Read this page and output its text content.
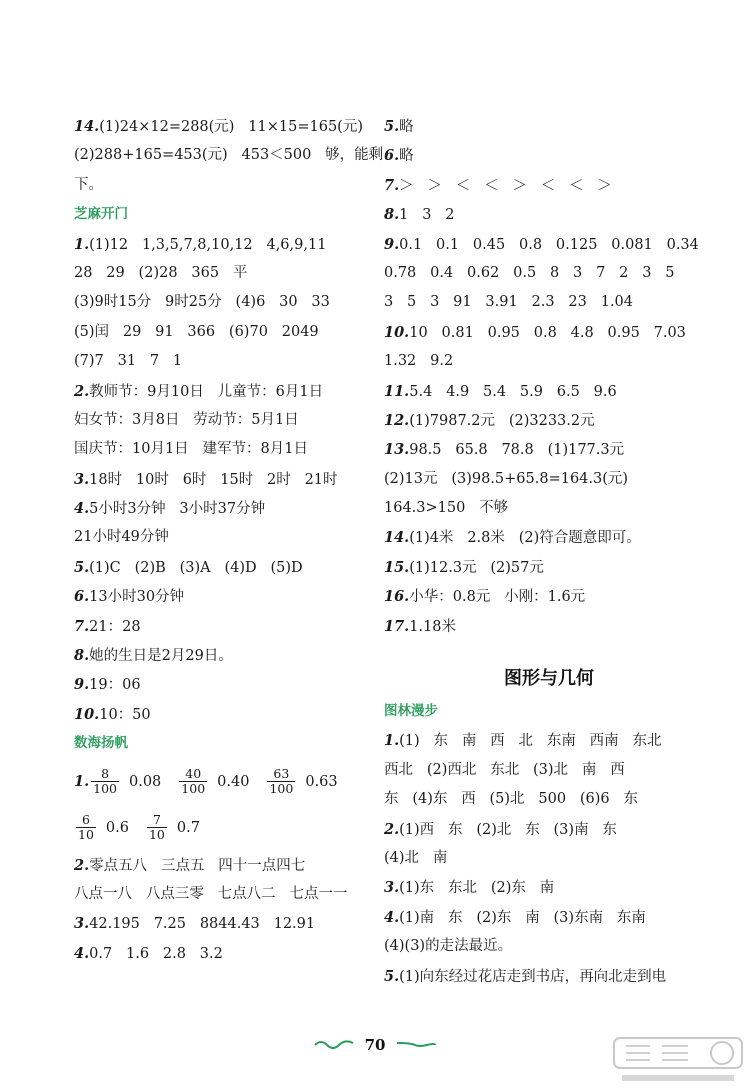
14.(1)24×12=288(元)   11×15=165(元)
(2)288+165=453(元)   453＜500   够，能剩
下。
芝麻开门
1.(1)12   1,3,5,7,8,10,12   4,6,9,11
28   29   (2)28   365   平
(3)9时15分   9时25分   (4)6   30   33
(5)闰   29   91   366   (6)70   2049
(7)7   31   7   1
2.教师节：9月10日   儿童节：6月1日
妇女节：3月8日   劳动节：5月1日
国庆节：10月1日   建军节：8月1日
3.18时   10时   6时   15时   2时   21时
4.5小时3分钟   3小时37分钟
21小时49分钟
5.(1)C   (2)B   (3)A   (4)D   (5)D
6.13小时30分钟
7.21：28
8.她的生日是2月29日。
9.19：06
10.10：50
数海扬帆
1. $\frac{8}{100} 0.08 \frac{40}{100} 0.40 \frac{63}{100} 0.63$
$\frac{6}{10} 0.6 \frac{7}{10} 0.7$
2.零点五八   三点五   四十一点四七
八点一八   八点三零   七点八二   七点一一
3.42.195   7.25   8844.43   12.91
4.0.7   1.6   2.8   3.2
5.略
6.略
7.＞   ＞   ＜   ＜   ＞   ＜   ＜   ＞
8.1   3   2
9.0.1   0.1   0.45   0.8   0.125   0.081   0.34
0.78   0.4   0.62   0.5   8   3   7   2   3   5
3   5   3   91   3.91   2.3   23   1.04
10.10   0.81   0.95   0.8   4.8   0.95   7.03
1.32   9.2
11.5.4   4.9   5.4   5.9   6.5   9.6
12.(1)7987.2元   (2)3233.2元
13.98.5   65.8   78.8   (1)177.3元
(2)13元   (3)98.5+65.8=164.3(元)
164.3>150   不够
14.(1)4米   2.8米   (2)符合题意即可。
15.(1)12.3元   (2)57元
16.小华：0.8元   小刚：1.6元
17.1.18米
图形与几何
图林漫步
1.(1)   东   南   西   北   东南   西南   东北
西北   (2)西北   东北   (3)北   南   西
东   (4)东   西   (5)北   500   (6)6   东
2.(1)西   东   (2)北   东   (3)南   东
(4)北   南
3.(1)东   东北   (2)东   南
4.(1)南   东   (2)东   南   (3)东南   东南
(4)(3)的走法最近。
5.(1)向东经过花店走到书店，再向北走到电
70
